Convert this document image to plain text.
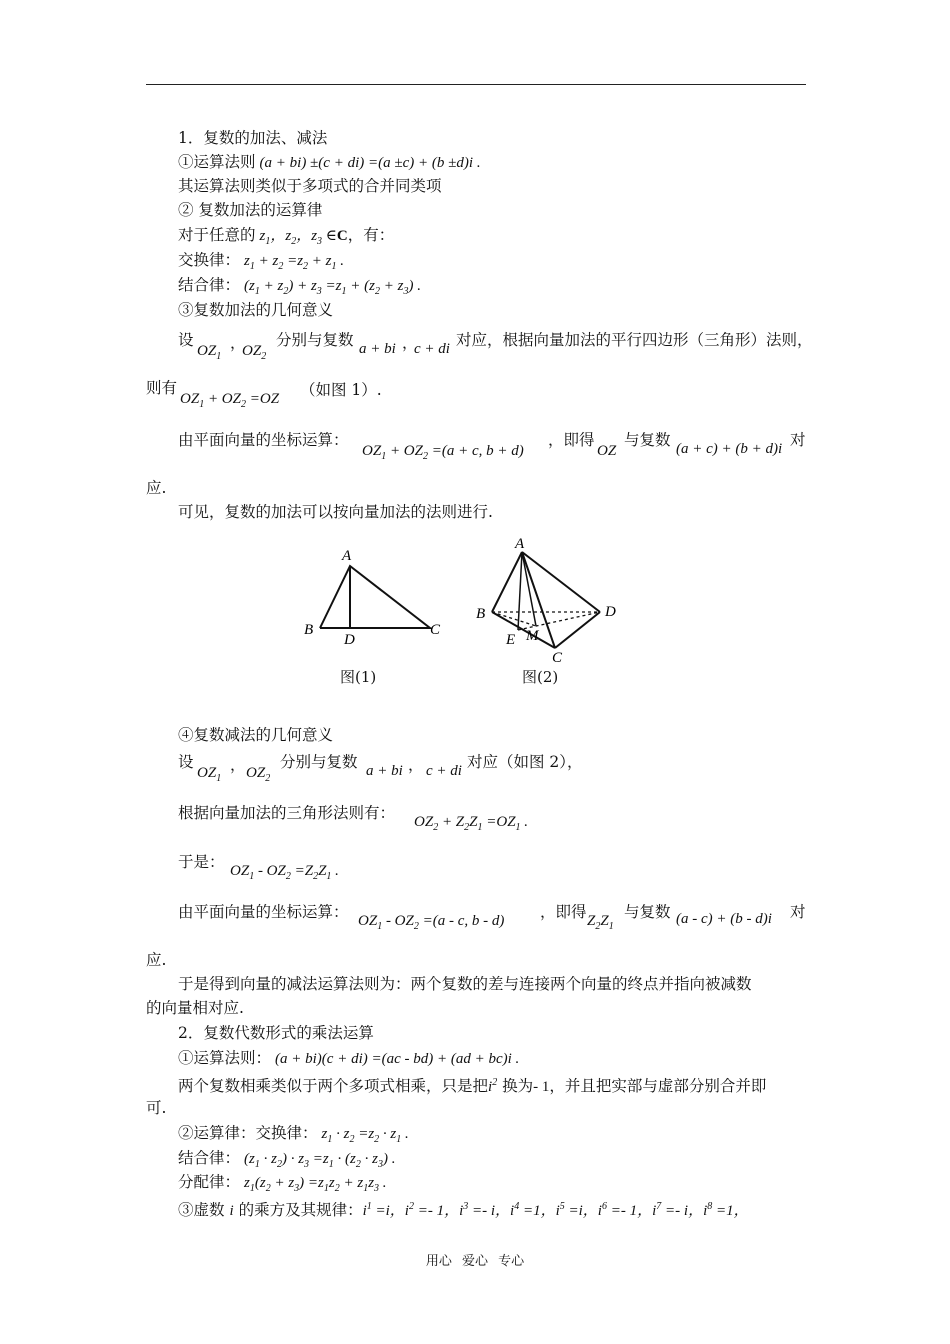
1．复数的加法、减法
①运算法则 (a + bi) ±(c + di) =(a ±c) + (b ±d)i .
其运算法则类似于多项式的合并同类项
② 复数加法的运算律
对于任意的 $z_1$，$z_2$，$z_3$ ∈C，有：
交换律： $z_1 + z_2 =z_2 + z_1$ .
结合律： $(z_1 + z_2) + z_3 =z_1 + (z_2 + z_3)$ .
③复数加法的几何意义
设
$OZ_1$
，
$OZ_2$
分别与复数 a + bi ，
c + di 对应，根据向量加法的平行四边形（三角形）法则，
则有
$OZ_1 + OZ_2 =OZ$ （如图 1）.
由平面向量的坐标运算：
$OZ_1 + OZ_2 =(a + c$, b + d)
，即得
OZ
与复数 (a + c) + (b + d)i 对
应.
可见，复数的加法可以按向量加法的法则进行.
A
B	C
D
A
B
C
D
E M
图(1)	图(2)
④复数减法的几何意义
设
$OZ_1$
， $OZ_2$
分别与复数 a + bi ， c + di 对应（如图 2），
根据向量加法的三角形法则有： $OZ_2 + Z_2Z_1 =OZ_1$ .
于是： $OZ_1 - OZ_2 =Z_2Z_1$ .
由平面向量的坐标运算： $OZ_1 - OZ_2 =(a - c$, b - d) ，即得 $Z_2Z_1$
与复数 (a - c) + (b - d)i 对
应.
于是得到向量的减法运算法则为：两个复数的差与连接两个向量的终点并指向被减数
的向量相对应.
2．复数代数形式的乘法运算
①运算法则： (a + bi)(c + di) =(ac - bd) + (ad + bc)i .
两个复数相乘类似于两个多项式相乘，只是把$i^2$ 换为- 1，并且把实部与虚部分别合并即
可.
②运算律：交换律： $z_1 \cdot z_2 =z_2 \cdot z_1$ .
结合律： $(z_1 \cdot z_2) \cdot z_3 =z_1 \cdot (z_2 \cdot z_3)$ .
分配律： $z_1(z_2 + z_3) =z_1z_2 + z_1z_3$ .
③虚数 i 的乘方及其规律：$i^1 =i$，$i^2 =- 1$，$i^3 =- i$，$i^4 =1$，$i^5 =i$，$i^6 =- 1$，$i^7 =- i$，$i^8 =1$，
用心 爱心 专心
